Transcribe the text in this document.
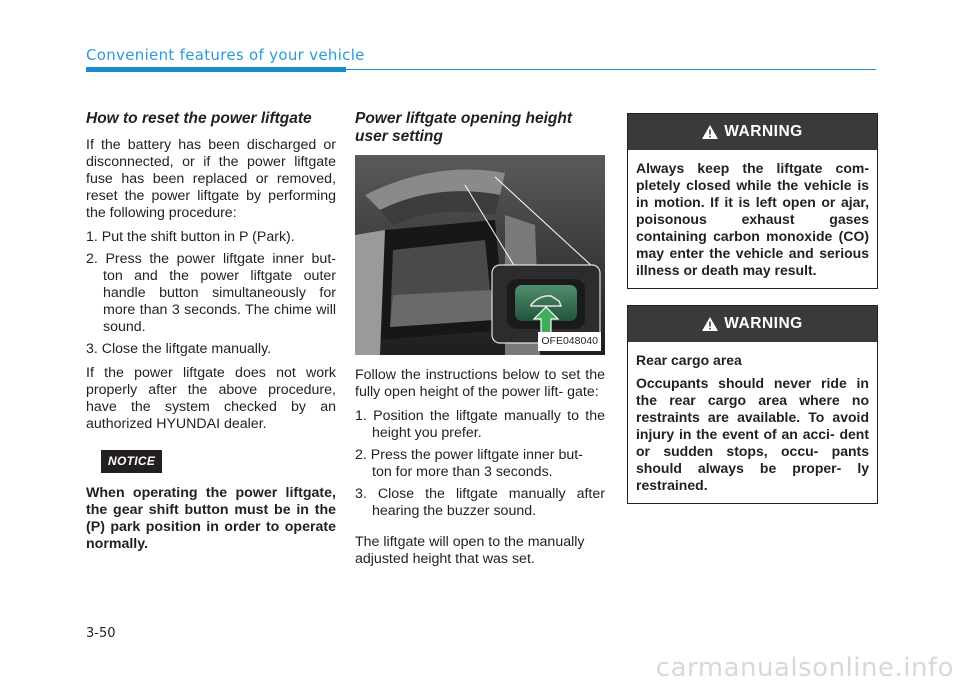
Convenient features of your vehicle
How to reset the power liftgate

If the battery has been discharged or disconnected, or if the power liftgate fuse has been replaced or removed, reset the power liftgate by performing the following procedure:

1. Put the shift button in P (Park).
2. Press the power liftgate inner but- ton and the power liftgate outer handle button simultaneously for more than 3 seconds. The chime will sound.
3. Close the liftgate manually.

If the power liftgate does not work properly after the above procedure, have the system checked by an authorized HYUNDAI dealer.

NOTICE

When operating the power liftgate, the gear shift button must be in the (P) park position in order to operate normally.

Power liftgate opening height user setting
OFE048040

Follow the instructions below to set the fully open height of the power lift- gate:

1. Position the liftgate manually to the height you prefer.
2. Press the power liftgate inner but- ton for more than 3 seconds.
3. Close the liftgate manually after hearing the buzzer sound.

The liftgate will open to the manually adjusted height that was set.

WARNING

Always keep the liftgate com- pletely closed while the vehicle is in motion. If it is left open or ajar, poisonous exhaust gases containing carbon monoxide (CO) may enter the vehicle and serious illness or death may result.

WARNING

Rear cargo area

Occupants should never ride in the rear cargo area where no restraints are available. To avoid injury in the event of an acci- dent or sudden stops, occu- pants should always be proper- ly restrained.

3-50
carmanualsonline.info
